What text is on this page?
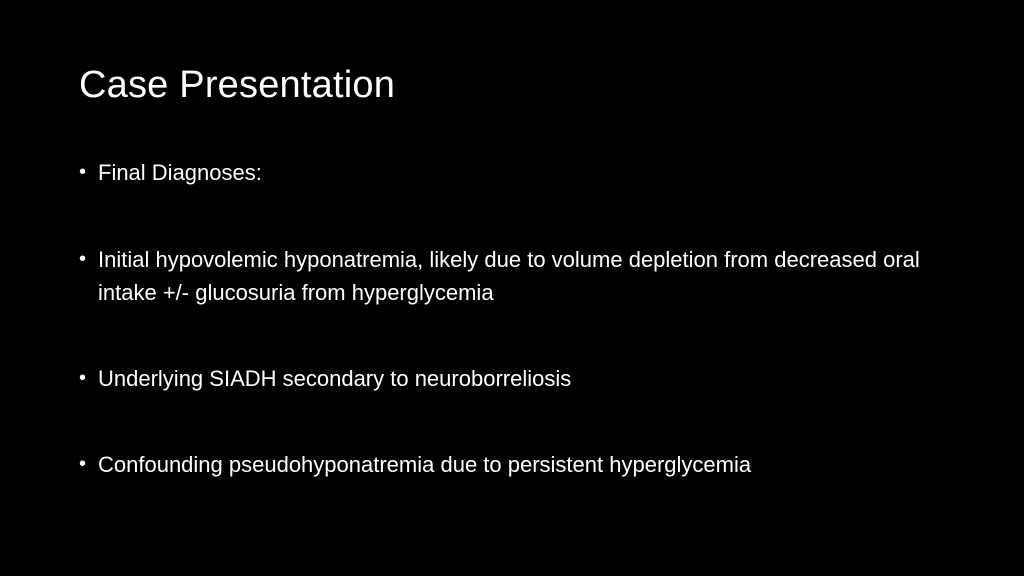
Case Presentation
• Final Diagnoses:
• Initial hypovolemic hyponatremia, likely due to volume depletion from decreased oral intake +/- glucosuria from hyperglycemia
• Underlying SIADH secondary to neuroborreliosis
• Confounding pseudohyponatremia due to persistent hyperglycemia
